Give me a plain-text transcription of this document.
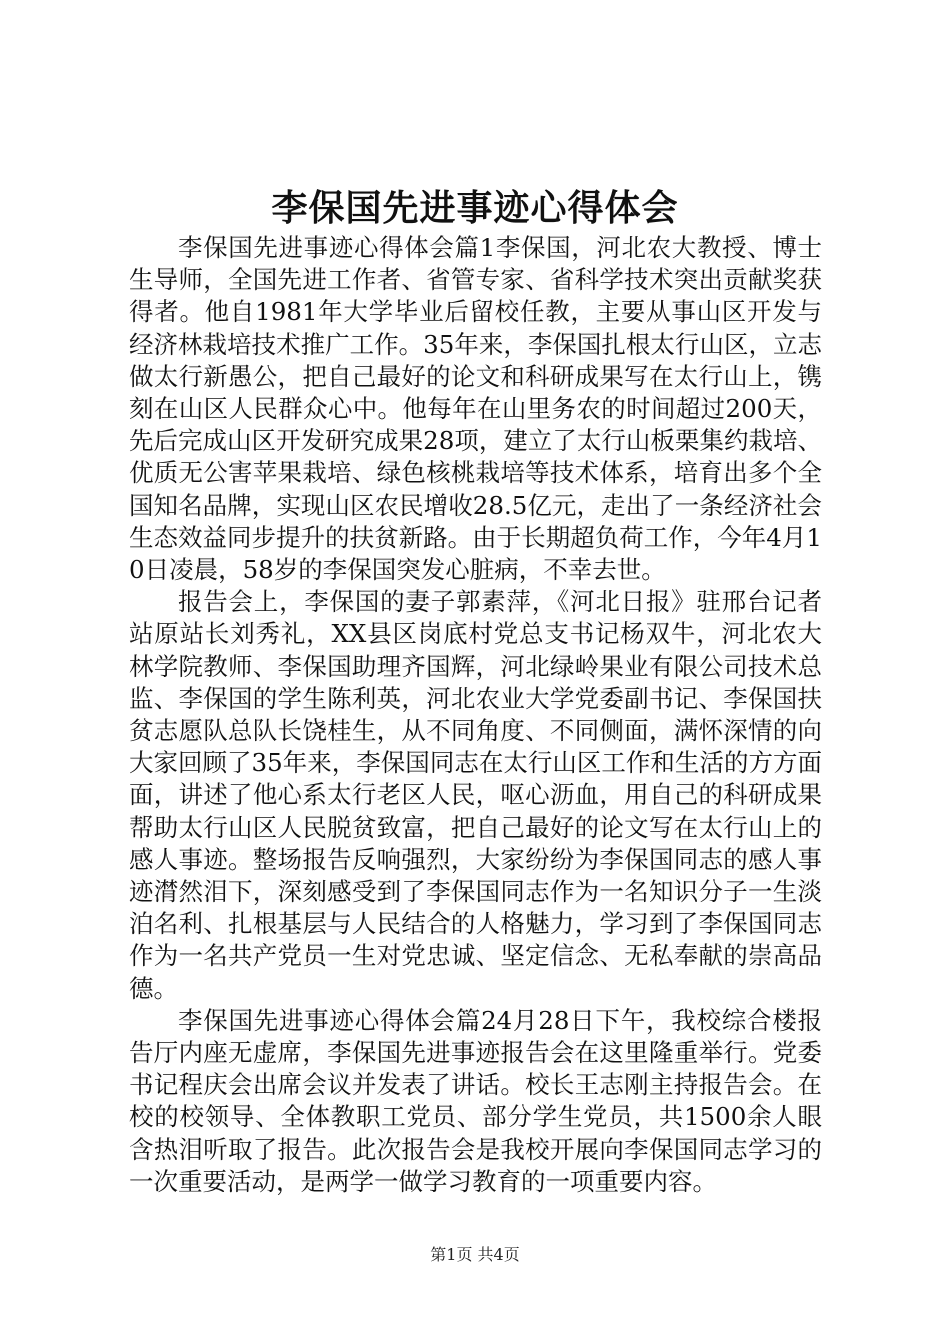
李保国先进事迹心得体会

李保国先进事迹心得体会篇1李保国，河北农大教授、博士生导师，全国先进工作者、省管专家、省科学技术突出贡献奖获得者。他自1981年大学毕业后留校任教，主要从事山区开发与经济林栽培技术推广工作。35年来，李保国扎根太行山区，立志做太行新愚公，把自己最好的论文和科研成果写在太行山上，镌刻在山区人民群众心中。他每年在山里务农的时间超过200天，先后完成山区开发研究成果28项，建立了太行山板栗集约栽培、优质无公害苹果栽培、绿色核桃栽培等技术体系，培育出多个全国知名品牌，实现山区农民增收28.5亿元，走出了一条经济社会生态效益同步提升的扶贫新路。由于长期超负荷工作，今年4月10日凌晨，58岁的李保国突发心脏病，不幸去世。

报告会上，李保国的妻子郭素萍，《河北日报》驻邢台记者站原站长刘秀礼，XX县区岗底村党总支书记杨双牛，河北农大林学院教师、李保国助理齐国辉，河北绿岭果业有限公司技术总监、李保国的学生陈利英，河北农业大学党委副书记、李保国扶贫志愿队总队长饶桂生，从不同角度、不同侧面，满怀深情的向大家回顾了35年来，李保国同志在太行山区工作和生活的方方面面，讲述了他心系太行老区人民，呕心沥血，用自己的科研成果帮助太行山区人民脱贫致富，把自己最好的论文写在太行山上的感人事迹。整场报告反响强烈，大家纷纷为李保国同志的感人事迹潸然泪下，深刻感受到了李保国同志作为一名知识分子一生淡泊名利、扎根基层与人民结合的人格魅力，学习到了李保国同志作为一名共产党员一生对党忠诚、坚定信念、无私奉献的崇高品德。

李保国先进事迹心得体会篇24月28日下午，我校综合楼报告厅内座无虚席，李保国先进事迹报告会在这里隆重举行。党委书记程庆会出席会议并发表了讲话。校长王志刚主持报告会。在校的校领导、全体教职工党员、部分学生党员，共1500余人眼含热泪听取了报告。此次报告会是我校开展向李保国同志学习的一次重要活动，是两学一做学习教育的一项重要内容。

第1页 共4页
